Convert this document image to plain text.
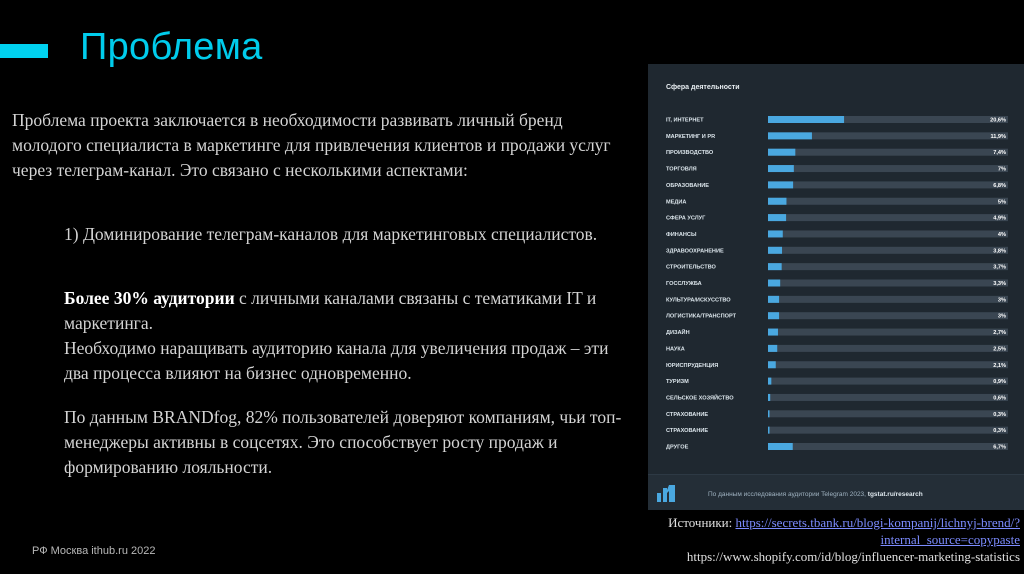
Проблема
Проблема проекта заключается в необходимости развивать личный бренд молодого специалиста в маркетинге для привлечения клиентов и продажи услуг через телеграм-канал. Это связано с несколькими аспектами:
1) Доминирование телеграм-каналов для маркетинговых специалистов.
Более 30% аудитории с личными каналами связаны с тематиками IT и маркетинга.
Необходимо наращивать аудиторию канала для увеличения продаж – эти два процесса влияют на бизнес одновременно.
По данным BRANDfog, 82% пользователей доверяют компаниям, чьи топ-менеджеры активны в соцсетях. Это способствует росту продаж и формированию лояльности.
РФ Москва ithub.ru 2022
Источники: https://secrets.tbank.ru/blogi-kompanij/lichnyj-brend/?internal_source=copypaste
https://www.shopify.com/id/blog/influencer-marketing-statistics
Сфера деятельности
IT, ИНТЕРНЕТ	20,6%
МАРКЕТИНГ И PR	11,9%
ПРОИЗВОДСТВО	7,4%
ТОРГОВЛЯ	7%
ОБРАЗОВАНИЕ	6,8%
МЕДИА	5%
СФЕРА УСЛУГ	4,9%
ФИНАНСЫ	4%
ЗДРАВООХРАНЕНИЕ	3,8%
СТРОИТЕЛЬСТВО	3,7%
ГОССЛУЖБА	3,3%
КУЛЬТУРА/ИСКУССТВО	3%
ЛОГИСТИКА/ТРАНСПОРТ	3%
ДИЗАЙН	2,7%
НАУКА	2,5%
ЮРИСПРУДЕНЦИЯ	2,1%
ТУРИЗМ	0,9%
СЕЛЬСКОЕ ХОЗЯЙСТВО	0,6%
СТРАХОВАНИЕ	0,3%
СТРАХОВАНИЕ	0,3%
ДРУГОЕ	6,7%
По данным исследования аудитории Telegram 2023, tgstat.ru/research
